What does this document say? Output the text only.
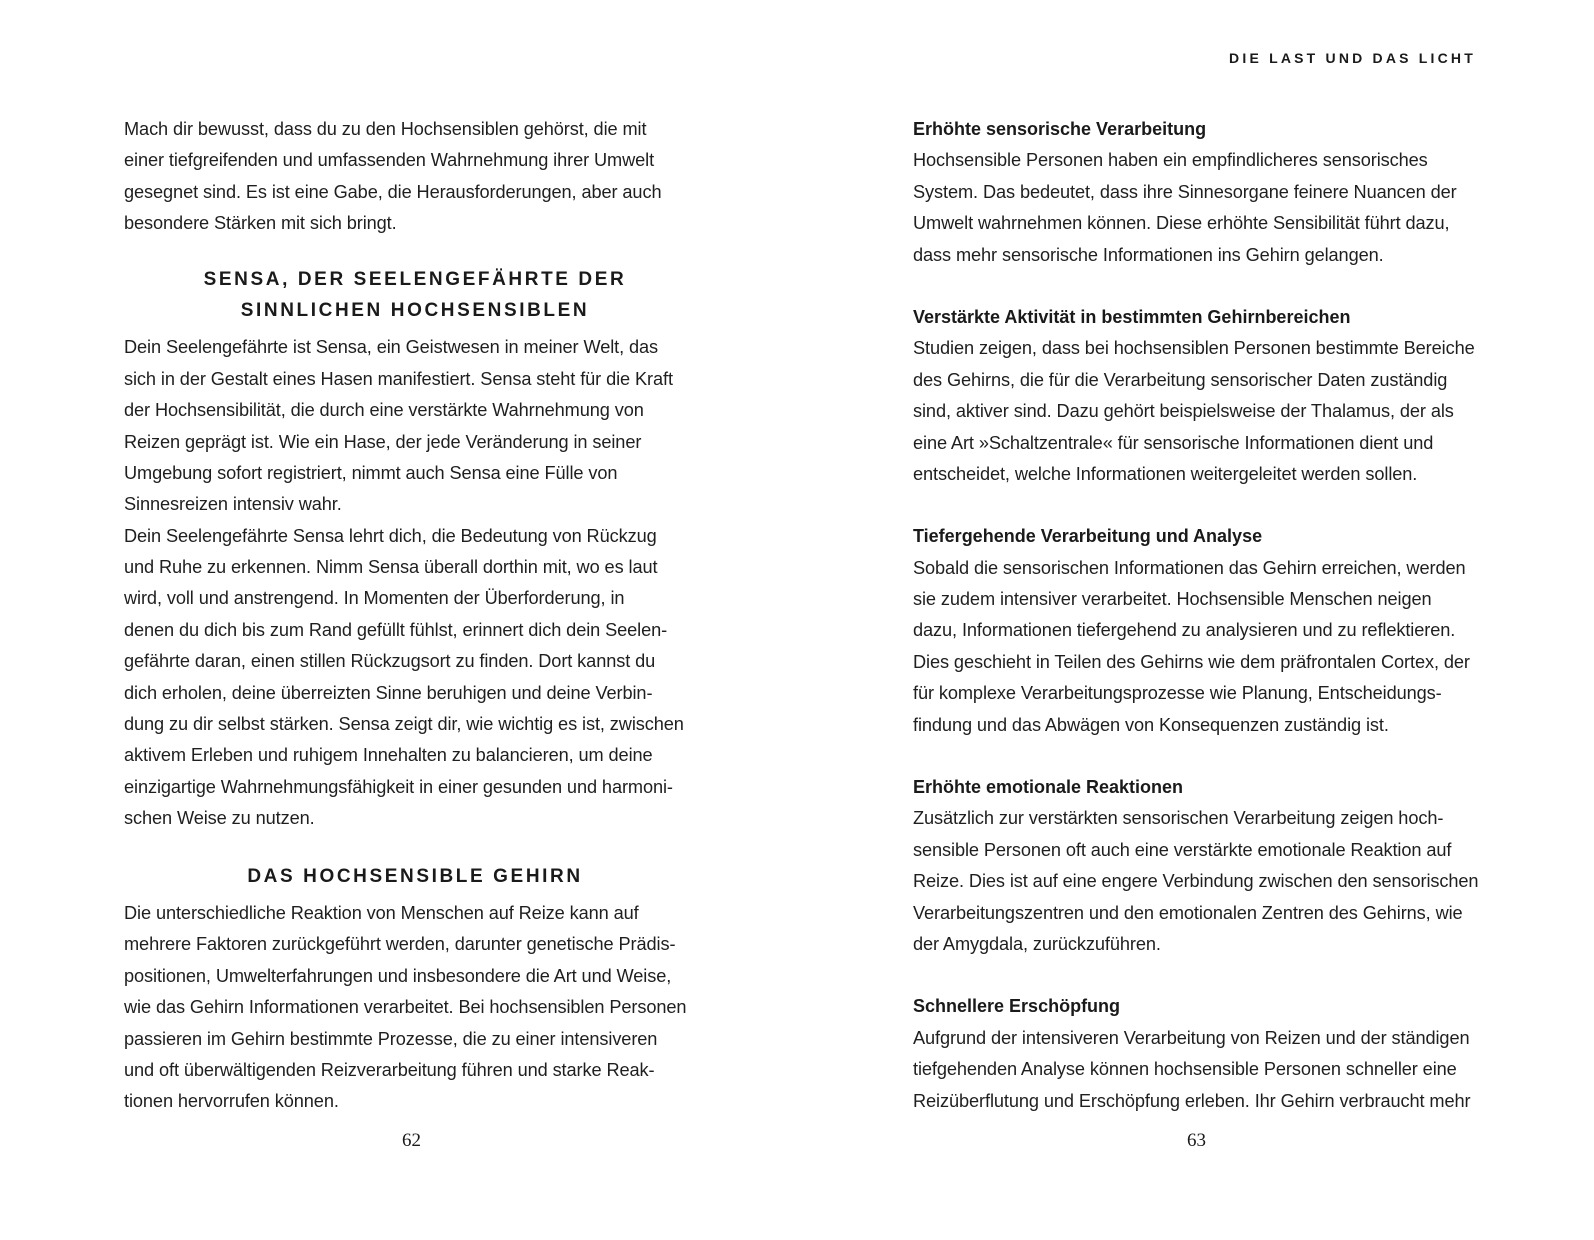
Mach dir bewusst, dass du zu den Hochsensiblen gehörst, die mit
einer tiefgreifenden und umfassenden Wahrnehmung ihrer Umwelt
gesegnet sind. Es ist eine Gabe, die Herausforderungen, aber auch
besondere Stärken mit sich bringt.
SENSA, DER SEELENGEFÄHRTE DER
SINNLICHEN HOCHSENSIBLEN
Dein Seelengefährte ist Sensa, ein Geistwesen in meiner Welt, das
sich in der Gestalt eines Hasen manifestiert. Sensa steht für die Kraft
der Hochsensibilität, die durch eine verstärkte Wahrnehmung von
Reizen geprägt ist. Wie ein Hase, der jede Veränderung in seiner
Umgebung sofort registriert, nimmt auch Sensa eine Fülle von
Sinnesreizen intensiv wahr.
Dein Seelengefährte Sensa lehrt dich, die Bedeutung von Rückzug
und Ruhe zu erkennen. Nimm Sensa überall dorthin mit, wo es laut
wird, voll und anstrengend. In Momenten der Überforderung, in
denen du dich bis zum Rand gefüllt fühlst, erinnert dich dein Seelen-
gefährte daran, einen stillen Rückzugsort zu finden. Dort kannst du
dich erholen, deine überreizten Sinne beruhigen und deine Verbin-
dung zu dir selbst stärken. Sensa zeigt dir, wie wichtig es ist, zwischen
aktivem Erleben und ruhigem Innehalten zu balancieren, um deine
einzigartige Wahrnehmungsfähigkeit in einer gesunden und harmoni-
schen Weise zu nutzen.
DAS HOCHSENSIBLE GEHIRN
Die unterschiedliche Reaktion von Menschen auf Reize kann auf
mehrere Faktoren zurückgeführt werden, darunter genetische Prädis-
positionen, Umwelterfahrungen und insbesondere die Art und Weise,
wie das Gehirn Informationen verarbeitet. Bei hochsensiblen Personen
passieren im Gehirn bestimmte Prozesse, die zu einer intensiveren
und oft überwältigenden Reizverarbeitung führen und starke Reak-
tionen hervorrufen können.
62
DIE LAST UND DAS LICHT
Erhöhte sensorische Verarbeitung
Hochsensible Personen haben ein empfindlicheres sensorisches
System. Das bedeutet, dass ihre Sinnesorgane feinere Nuancen der
Umwelt wahrnehmen können. Diese erhöhte Sensibilität führt dazu,
dass mehr sensorische Informationen ins Gehirn gelangen.
Verstärkte Aktivität in bestimmten Gehirnbereichen
Studien zeigen, dass bei hochsensiblen Personen bestimmte Bereiche
des Gehirns, die für die Verarbeitung sensorischer Daten zuständig
sind, aktiver sind. Dazu gehört beispielsweise der Thalamus, der als
eine Art »Schaltzentrale« für sensorische Informationen dient und
entscheidet, welche Informationen weitergeleitet werden sollen.
Tiefergehende Verarbeitung und Analyse
Sobald die sensorischen Informationen das Gehirn erreichen, werden
sie zudem intensiver verarbeitet. Hochsensible Menschen neigen
dazu, Informationen tiefergehend zu analysieren und zu reflektieren.
Dies geschieht in Teilen des Gehirns wie dem präfrontalen Cortex, der
für komplexe Verarbeitungsprozesse wie Planung, Entscheidungs-
findung und das Abwägen von Konsequenzen zuständig ist.
Erhöhte emotionale Reaktionen
Zusätzlich zur verstärkten sensorischen Verarbeitung zeigen hoch-
sensible Personen oft auch eine verstärkte emotionale Reaktion auf
Reize. Dies ist auf eine engere Verbindung zwischen den sensorischen
Verarbeitungszentren und den emotionalen Zentren des Gehirns, wie
der Amygdala, zurückzuführen.
Schnellere Erschöpfung
Aufgrund der intensiveren Verarbeitung von Reizen und der ständigen
tiefgehenden Analyse können hochsensible Personen schneller eine
Reizüberflutung und Erschöpfung erleben. Ihr Gehirn verbraucht mehr
63
